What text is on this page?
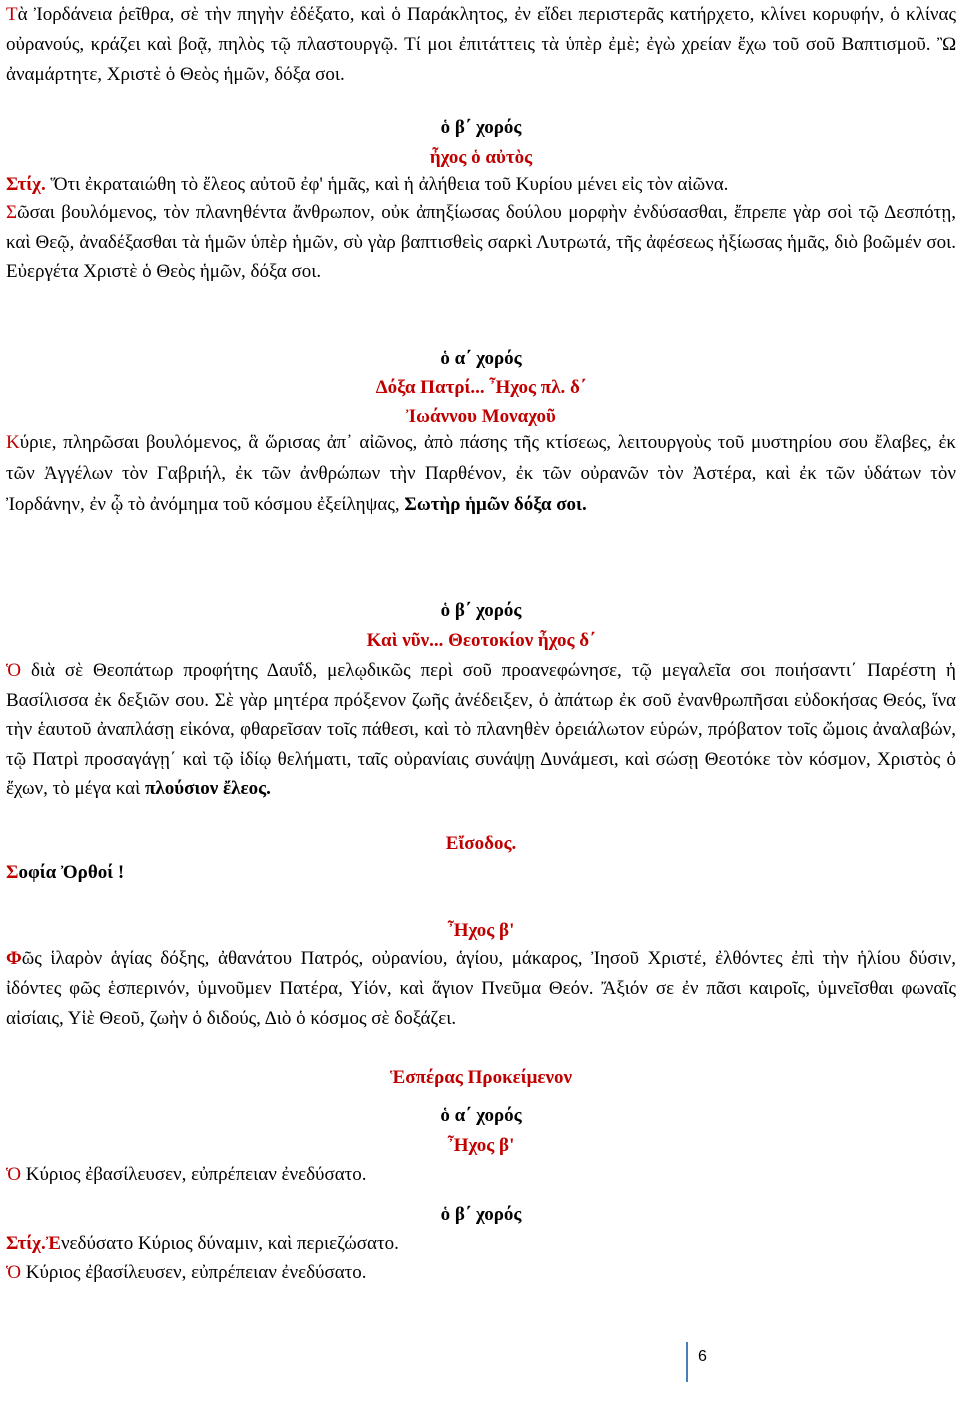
Τὰ Ἰορδάνεια ῥεῖθρα, σὲ τὴν πηγὴν ἐδέξατο, καὶ ὁ Παράκλητος, ἐν εἴδει περιστερᾶς κατήρχετο, κλίνει κορυφήν, ὁ κλίνας οὐρανούς, κράζει καὶ βοᾷ, πηλὸς τῷ πλαστουργῷ. Τί μοι ἐπιτάττεις τὰ ὑπὲρ ἐμὲ; ἐγὼ χρείαν ἔχω τοῦ σοῦ Βαπτισμοῦ. Ὢ ἀναμάρτητε, Χριστὲ ὁ Θεὸς ἡμῶν, δόξα σοι.

ὁ β΄ χορός
ἦχος ὁ αὐτὸς

Στίχ. Ὅτι ἐκραταιώθη τὸ ἔλεος αὐτοῦ ἐφ' ἡμᾶς, καὶ ἡ ἀλήθεια τοῦ Κυρίου μένει εἰς τὸν αἰῶνα.

Σῶσαι βουλόμενος, τὸν πλανηθέντα ἄνθρωπον, οὐκ ἀπηξίωσας δούλου μορφὴν ἐνδύσασθαι, ἔπρεπε γὰρ σοὶ τῷ Δεσπότῃ, καὶ Θεῷ, ἀναδέξασθαι τὰ ἡμῶν ὑπὲρ ἡμῶν, σὺ γὰρ βαπτισθεὶς σαρκὶ Λυτρωτά, τῆς ἀφέσεως ἠξίωσας ἡμᾶς, διὸ βοῶμέν σοι. Εὐεργέτα Χριστὲ ὁ Θεὸς ἡμῶν, δόξα σοι.

ὁ α΄ χορός
Δόξα Πατρί... Ἦχος πλ. δ΄
Ἰωάννου Μοναχοῦ

Κύριε, πληρῶσαι βουλόμενος, ἃ ὥρισας ἀπ᾽ αἰῶνος, ἀπὸ πάσης τῆς κτίσεως, λειτουργοὺς τοῦ μυστηρίου σου ἔλαβες, ἐκ τῶν Ἀγγέλων τὸν Γαβριήλ, ἐκ τῶν ἀνθρώπων τὴν Παρθένον, ἐκ τῶν οὐρανῶν τὸν Ἀστέρα, καὶ ἐκ τῶν ὑδάτων τὸν Ἰορδάνην, ἐν ᾧ τὸ ἀνόμημα τοῦ κόσμου ἐξείληψας, Σωτὴρ ἡμῶν δόξα σοι.

ὁ β΄ χορός
Καὶ νῦν... Θεοτοκίον ἦχος δ΄

Ὁ διὰ σὲ Θεοπάτωρ προφήτης Δαυΐδ, μελῳδικῶς περὶ σοῦ προανεφώνησε, τῷ μεγαλεῖα σοι ποιήσαντι΄ Παρέστη ἡ Βασίλισσα ἐκ δεξιῶν σου. Σὲ γὰρ μητέρα πρόξενον ζωῆς ἀνέδειξεν, ὁ ἀπάτωρ ἐκ σοῦ ἐνανθρωπῆσαι εὐδοκήσας Θεός, ἵνα τὴν ἑαυτοῦ ἀναπλάσῃ εἰκόνα, φθαρεῖσαν τοῖς πάθεσι, καὶ τὸ πλανηθὲν ὀρειάλωτον εὑρών, πρόβατον τοῖς ὤμοις ἀναλαβών, τῷ Πατρὶ προσαγάγῃ΄ καὶ τῷ ἰδίῳ θελήματι, ταῖς οὐρανίαις συνάψῃ Δυνάμεσι, καὶ σώσῃ Θεοτόκε τὸν κόσμον, Χριστὸς ὁ ἔχων, τὸ μέγα καὶ πλούσιον ἔλεος.

Εἴσοδος.
Σοφία Ὀρθοί !
Ἦχος β'

Φῶς ἱλαρὸν ἁγίας δόξης, ἀθανάτου Πατρός, οὐρανίου, ἁγίου, μάκαρος, Ἰησοῦ Χριστέ, ἐλθόντες ἐπὶ τὴν ἡλίου δύσιν, ἰδόντες φῶς ἑσπερινόν, ὑμνοῦμεν Πατέρα, Υἱόν, καὶ ἅγιον Πνεῦμα Θεόν. Ἄξιόν σε ἐν πᾶσι καιροῖς, ὑμνεῖσθαι φωναῖς αἰσίαις, Υἱὲ Θεοῦ, ζωὴν ὁ διδούς, Διὸ ὁ κόσμος σὲ δοξάζει.

Ἑσπέρας Προκείμενον
ὁ α΄ χορός
Ἦχος β'
Ὁ Κύριος ἐβασίλευσεν, εὐπρέπειαν ἐνεδύσατο.
ὁ β΄ χορός
Στίχ.Ἐνεδύσατο Κύριος δύναμιν, καὶ περιεζώσατο.
Ὁ Κύριος ἐβασίλευσεν, εὐπρέπειαν ἐνεδύσατο.
6
